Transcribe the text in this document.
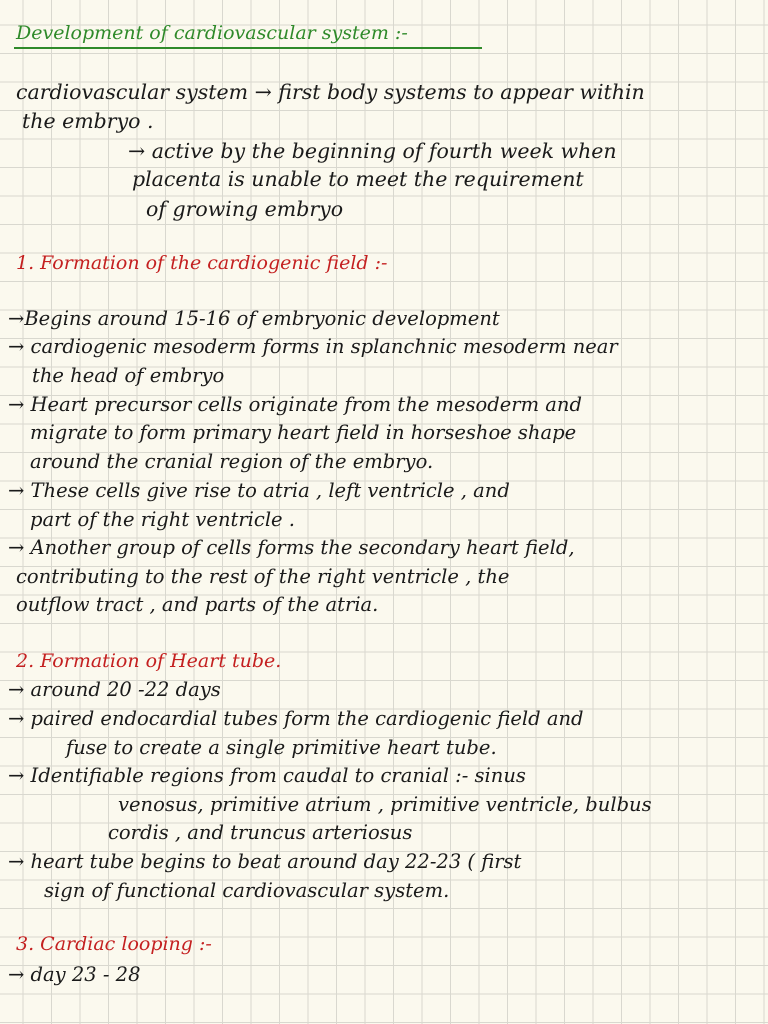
Development of cardiovascular system :-
cardiovascular system → first body systems to appear within
the embryo .
→ active by the beginning of fourth week when
placenta is unable to meet the requirement
of growing embryo
1. Formation of the cardiogenic field :-
→Begins around 15-16 of embryonic development
→ cardiogenic mesoderm forms in splanchnic mesoderm near
the head of embryo
→ Heart precursor cells originate from the mesoderm and
migrate to form primary heart field in horseshoe shape
around the cranial region of the embryo.
→ These cells give rise to atria , left ventricle , and
part of the right ventricle .
→ Another group of cells forms the secondary heart field,
contributing to the rest of the right ventricle , the
outflow tract , and parts of the atria.
2. Formation of Heart tube.
→ around 20 -22 days
→ paired endocardial tubes form the cardiogenic field and
fuse to create a single primitive heart tube.
→ Identifiable regions from caudal to cranial :- sinus
venosus, primitive atrium , primitive ventricle, bulbus
cordis , and truncus arteriosus
→ heart tube begins to beat around day 22-23 ( first
sign of functional cardiovascular system.
3. Cardiac looping :-
→ day 23 - 28
